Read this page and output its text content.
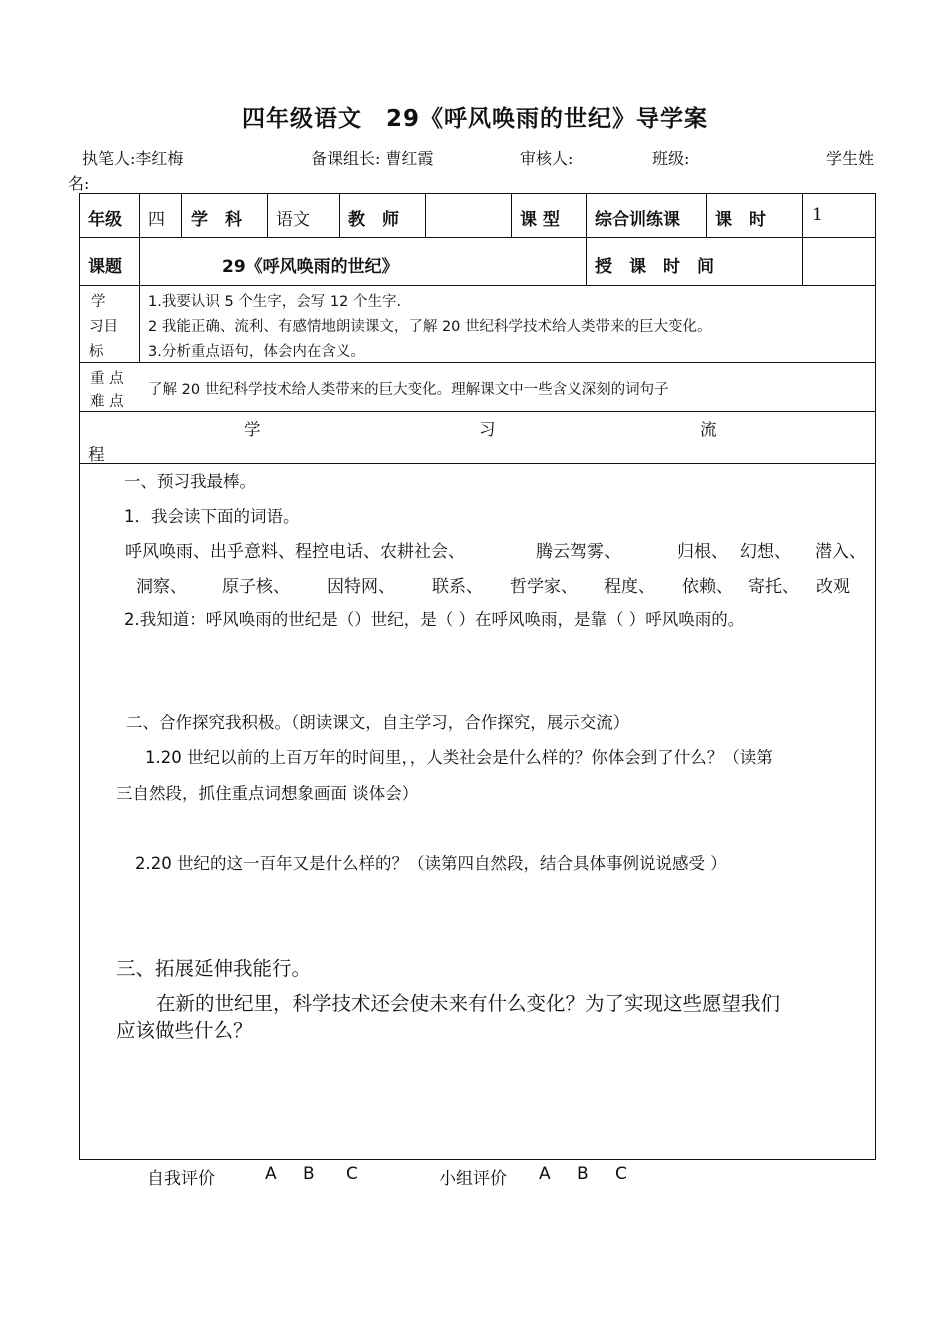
四年级语文　29《呼风唤雨的世纪》导学案
执笔人:李红梅	备课组长: 曹红霞	审核人:	班级:	学生姓
名:
年级 四 学　科 语文 教　师	课 型 综合训练课 课　时	1
课题	29《呼风唤雨的世纪》	授　课　时　间
学
习目
标
1.我要认识 5 个生字，会写 12 个生字.
2 我能正确、流利、有感情地朗读课文，了解 20 世纪科学技术给人类带来的巨大变化。
3.分析重点语句，体会内在含义。
重 点
难 点
了解 20 世纪科学技术给人类带来的巨大变化。理解课文中一些含义深刻的词句子
学	习	流
程
一、预习我最棒。
1．我会读下面的词语。
呼风唤雨、出乎意料、程控电话、农耕社会、	腾云驾雾、	归根、 幻想、 潜入、
洞察、 原子核、 因特网、 联系、 哲学家、 程度、 依赖、 寄托、 改观
2.我知道：呼风唤雨的世纪是（）世纪，是（ ）在呼风唤雨，是靠（ ）呼风唤雨的。
二、合作探究我积极。（朗读课文，自主学习，合作探究，展示交流）
1.20 世纪以前的上百万年的时间里，，人类社会是什么样的？你体会到了什么？（读第
三自然段，抓住重点词想象画面 谈体会）
2.20 世纪的这一百年又是什么样的？（读第四自然段，结合具体事例说说感受 ）
三、拓展延伸我能行。
在新的世纪里，科学技术还会使未来有什么变化？为了实现这些愿望我们
应该做些什么？
自我评价	A B C	小组评价 A B C
